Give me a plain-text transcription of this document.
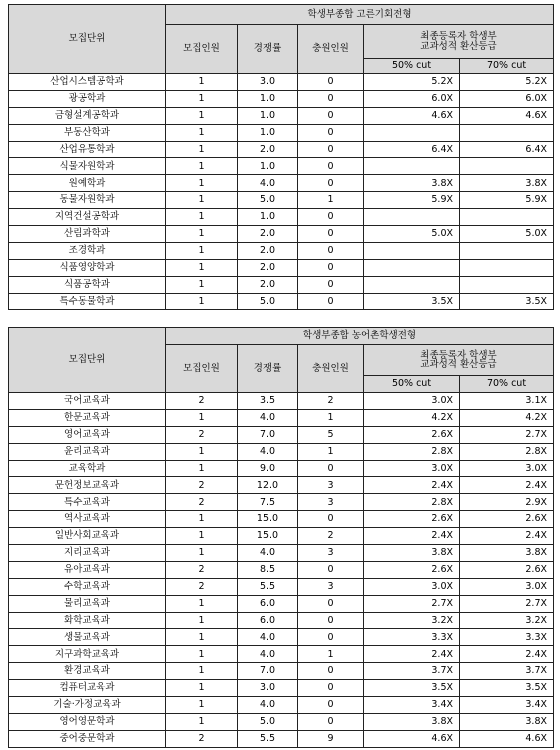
모집단위	학생부종합 고른기회전형				
	모집인원	경쟁률	충원인원	최종등록자 학생부
교과성적 환산등급	

				50% cut	70% cut
산업시스템공학과	1	3.0	0	5.2X	5.2X
광공학과	1	1.0	0	6.0X	6.0X
금형설계공학과	1	1.0	0	4.6X	4.6X
부동산학과	1	1.0	0		
산업유통학과	1	2.0	0	6.4X	6.4X
식물자원학과	1	1.0	0		
원예학과	1	4.0	0	3.8X	3.8X
동물자원학과	1	5.0	1	5.9X	5.9X
지역건설공학과	1	1.0	0		
산림과학과	1	2.0	0	5.0X	5.0X
조경학과	1	2.0	0		
식품영양학과	1	2.0	0		
식품공학과	1	2.0	0		
특수동물학과	1	5.0	0	3.5X	3.5X
모집단위	학생부종합 농어촌학생전형				
	모집인원	경쟁률	충원인원	최종등록자 학생부
교과성적 환산등급	

				50% cut	70% cut
국어교육과	2	3.5	2	3.0X	3.1X
한문교육과	1	4.0	1	4.2X	4.2X
영어교육과	2	7.0	5	2.6X	2.7X
윤리교육과	1	4.0	1	2.8X	2.8X
교육학과	1	9.0	0	3.0X	3.0X
문헌정보교육과	2	12.0	3	2.4X	2.4X
특수교육과	2	7.5	3	2.8X	2.9X
역사교육과	1	15.0	0	2.6X	2.6X
일반사회교육과	1	15.0	2	2.4X	2.4X
지리교육과	1	4.0	3	3.8X	3.8X
유아교육과	2	8.5	0	2.6X	2.6X
수학교육과	2	5.5	3	3.0X	3.0X
물리교육과	1	6.0	0	2.7X	2.7X
화학교육과	1	6.0	0	3.2X	3.2X
생물교육과	1	4.0	0	3.3X	3.3X
지구과학교육과	1	4.0	1	2.4X	2.4X
환경교육과	1	7.0	0	3.7X	3.7X
컴퓨터교육과	1	3.0	0	3.5X	3.5X
기술·가정교육과	1	4.0	0	3.4X	3.4X
영어영문학과	1	5.0	0	3.8X	3.8X
중어중문학과	2	5.5	9	4.6X	4.6X
